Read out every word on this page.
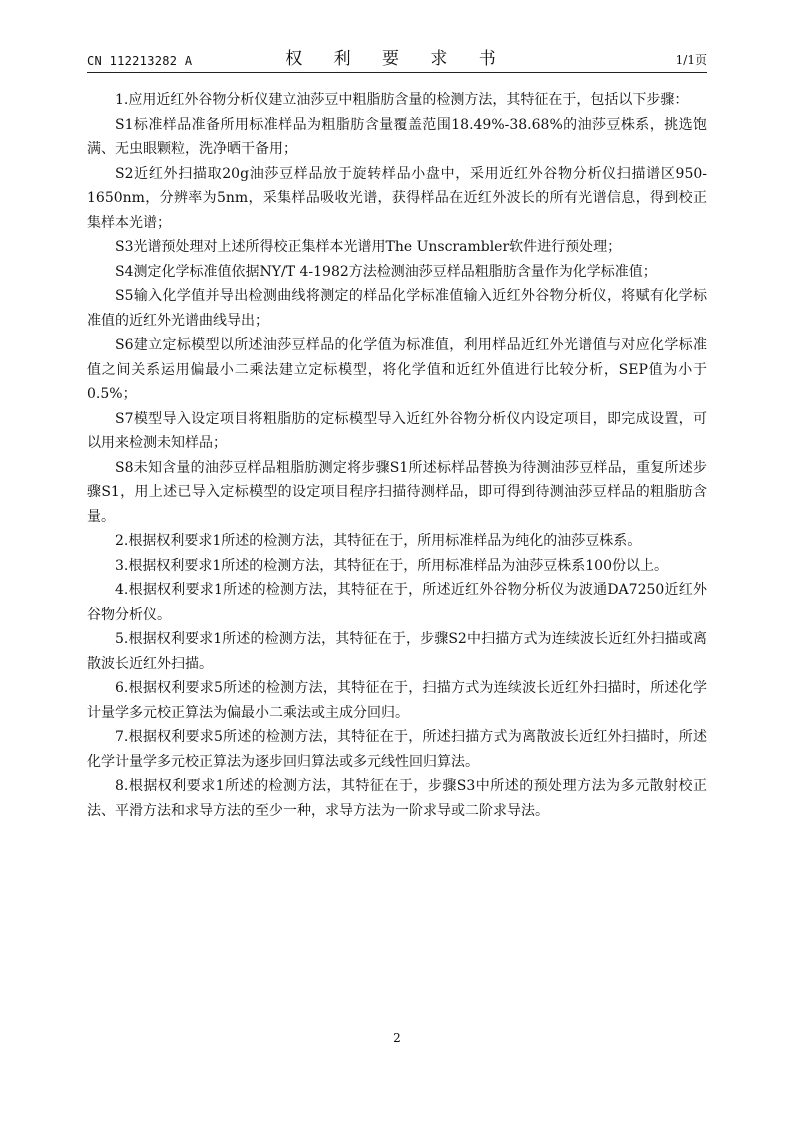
CN 112213282 A	权 利 要 求 书	1/1页

1.应用近红外谷物分析仪建立油莎豆中粗脂肪含量的检测方法，其特征在于，包括以下步骤：

S1标准样品准备所用标准样品为粗脂肪含量覆盖范围18.49%-38.68%的油莎豆株系，挑选饱满、无虫眼颗粒，洗净晒干备用；

S2近红外扫描取20g油莎豆样品放于旋转样品小盘中，采用近红外谷物分析仪扫描谱区950-1650nm，分辨率为5nm，采集样品吸收光谱，获得样品在近红外波长的所有光谱信息，得到校正集样本光谱；

S3光谱预处理对上述所得校正集样本光谱用The Unscrambler软件进行预处理；

S4测定化学标准值依据NY/T 4-1982方法检测油莎豆样品粗脂肪含量作为化学标准值；

S5输入化学值并导出检测曲线将测定的样品化学标准值输入近红外谷物分析仪，将赋有化学标准值的近红外光谱曲线导出；

S6建立定标模型以所述油莎豆样品的化学值为标准值，利用样品近红外光谱值与对应化学标准值之间关系运用偏最小二乘法建立定标模型，将化学值和近红外值进行比较分析，SEP值为小于0.5%；

S7模型导入设定项目将粗脂肪的定标模型导入近红外谷物分析仪内设定项目，即完成设置，可以用来检测未知样品；

S8未知含量的油莎豆样品粗脂肪测定将步骤S1所述标样品替换为待测油莎豆样品，重复所述步骤S1，用上述已导入定标模型的设定项目程序扫描待测样品，即可得到待测油莎豆样品的粗脂肪含量。

2.根据权利要求1所述的检测方法，其特征在于，所用标准样品为纯化的油莎豆株系。

3.根据权利要求1所述的检测方法，其特征在于，所用标准样品为油莎豆株系100份以上。

4.根据权利要求1所述的检测方法，其特征在于，所述近红外谷物分析仪为波通DA7250近红外谷物分析仪。

5.根据权利要求1所述的检测方法，其特征在于，步骤S2中扫描方式为连续波长近红外扫描或离散波长近红外扫描。

6.根据权利要求5所述的检测方法，其特征在于，扫描方式为连续波长近红外扫描时，所述化学计量学多元校正算法为偏最小二乘法或主成分回归。

7.根据权利要求5所述的检测方法，其特征在于，所述扫描方式为离散波长近红外扫描时，所述化学计量学多元校正算法为逐步回归算法或多元线性回归算法。

8.根据权利要求1所述的检测方法，其特征在于，步骤S3中所述的预处理方法为多元散射校正法、平滑方法和求导方法的至少一种，求导方法为一阶求导或二阶求导法。

2
